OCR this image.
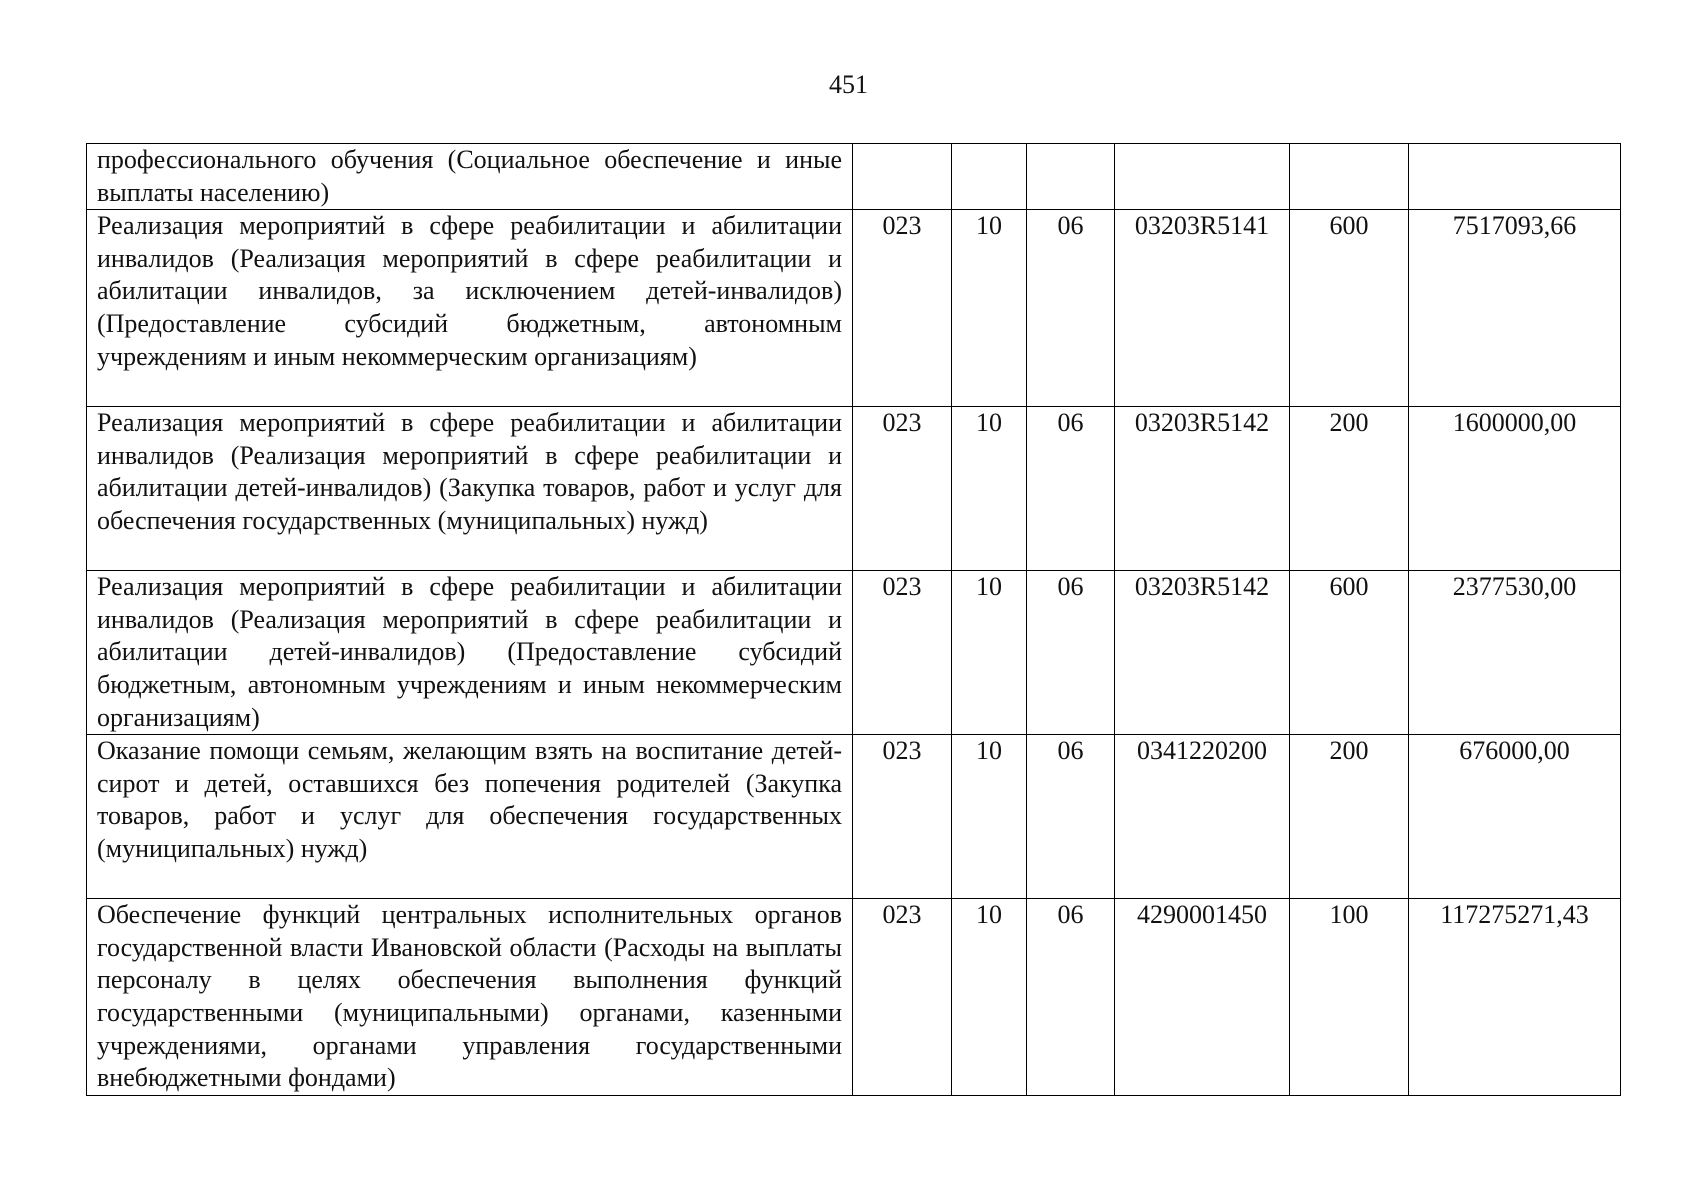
451
профессионального обучения (Социальное обеспечение и иные выплаты населению)						
Реализация мероприятий в сфере реабилитации и абилитации инвалидов (Реализация мероприятий в сфере реабилитации и абилитации инвалидов, за исключением детей-инвалидов) (Предоставление субсидий бюджетным, автономным учреждениям и иным некоммерческим организациям)	023	10	06	03203R5141	600	7517093,66
Реализация мероприятий в сфере реабилитации и абилитации инвалидов (Реализация мероприятий в сфере реабилитации и абилитации детей-инвалидов) (Закупка товаров, работ и услуг для обеспечения государственных (муниципальных) нужд)	023	10	06	03203R5142	200	1600000,00
Реализация мероприятий в сфере реабилитации и абилитации инвалидов (Реализация мероприятий в сфере реабилитации и абилитации детей-инвалидов) (Предоставление субсидий бюджетным, автономным учреждениям и иным некоммерческим организациям)	023	10	06	03203R5142	600	2377530,00
Оказание помощи семьям, желающим взять на воспитание детей-сирот и детей, оставшихся без попечения родителей (Закупка товаров, работ и услуг для обеспечения государственных (муниципальных) нужд)	023	10	06	0341220200	200	676000,00
Обеспечение функций центральных исполнительных органов государственной власти Ивановской области (Расходы на выплаты персоналу в целях обеспечения выполнения функций государственными (муниципальными) органами, казенными учреждениями, органами управления государственными внебюджетными фондами)	023	10	06	4290001450	100	117275271,43
